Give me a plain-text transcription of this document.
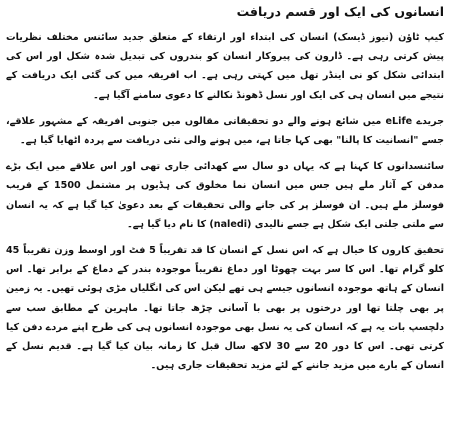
انسانوں کی ایک اور قسم دریافت

کیپ ٹاؤن (نیوز ڈیسک) انسان کی ابتداء اور ارتقاء کے متعلق جدید سائنس مختلف نظریات پیش کرتی رہی ہے۔ ڈارون کی پیروکار انسان کو بندروں کی تبدیل شدہ شکل اور اس کی ابتدائی شکل کو نی اینڈر تھل میں کہتی رہی ہے۔ اب افریقہ میں کی گئی ایک دریافت کے نتیجے میں انسان ہی کی ایک اور نسل ڈھونڈ نکالنے کا دعوی سامنے آگیا ہے۔

جریدے eLife میں شائع ہونے والے دو تحقیقاتی مقالوں میں جنوبی افریقہ کے مشہور علاقے، جسے "انسانیت کا پالنا" بھی کہا جاتا ہے، میں ہونے والی نئی دریافت سے پردہ اٹھایا گیا ہے۔

سائنسدانوں کا کہنا ہے کہ یہاں دو سال سے کھدائی جاری تھی اور اس علاقے میں ایک بڑے مدفن کے آثار ملے ہیں جس میں انسان نما مخلوق کی ہڈیوں پر مشتمل 1500 کے قریب فوسلز ملے ہیں۔ ان فوسلز پر کی جانے والی تحقیقات کے بعد دعویٰ کیا گیا ہے کہ یہ انسان سے ملتی جلتی ایک شکل ہے جسے نالیدی (naledi) کا نام دیا گیا ہے۔

تحقیق کاروں کا خیال ہے کہ اس نسل کے انسان کا قد تقریباً 5 فٹ اور اوسط وزن تقریباً 45 کلو گرام تھا۔ اس کا سر بہت چھوٹا اور دماغ تقریباً موجودہ بندر کے دماغ کے برابر تھا۔ اس انسان کے ہاتھ موجودہ انسانوں جیسے ہی تھے لیکن اس کی انگلیاں مڑی ہوئی تھیں۔ یہ زمین پر بھی چلتا تھا اور درختوں پر بھی با آسانی چڑھ جاتا تھا۔ ماہرین کے مطابق سب سے دلچسپ بات یہ ہے کہ انسان کی یہ نسل بھی موجودہ انسانوں ہی کی طرح اپنے مردے دفن کیا کرتی تھی۔ اس کا دور 20 سے 30 لاکھ سال قبل کا زمانہ بیان کیا گیا ہے۔ قدیم نسل کے انسان کے بارے میں مزید جاننے کے لئے مزید تحقیقات جاری ہیں۔
